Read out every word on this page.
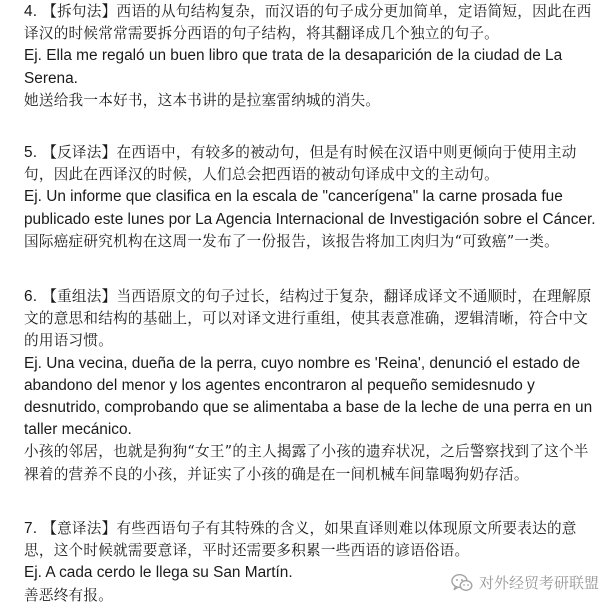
4. 【拆句法】西语的从句结构复杂，而汉语的句子成分更加简单，定语简短，因此在西译汉的时候常常需要拆分西语的句子结构，将其翻译成几个独立的句子。

Ej. Ella me regaló un buen libro que trata de la desaparición de la ciudad de La Serena.

她送给我一本好书，这本书讲的是拉塞雷纳城的消失。

5. 【反译法】在西语中，有较多的被动句，但是有时候在汉语中则更倾向于使用主动句，因此在西译汉的时候，人们总会把西语的被动句译成中文的主动句。

Ej. Un informe que clasifica en la escala de "cancerígena" la carne prosada fue publicado este lunes por La Agencia Internacional de Investigación sobre el Cáncer.

国际癌症研究机构在这周一发布了一份报告，该报告将加工肉归为“可致癌”一类。

6. 【重组法】当西语原文的句子过长，结构过于复杂，翻译成译文不通顺时，在理解原文的意思和结构的基础上，可以对译文进行重组，使其表意准确，逻辑清晰，符合中文的用语习惯。

Ej. Una vecina, dueña de la perra, cuyo nombre es 'Reina', denunció el estado de abandono del menor y los agentes encontraron al pequeño semidesnudo y desnutrido, comprobando que se alimentaba a base de la leche de una perra en un taller mecánico.

小孩的邻居，也就是狗狗“女王”的主人揭露了小孩的遗弃状况，之后警察找到了这个半裸着的营养不良的小孩，并证实了小孩的确是在一间机械车间靠喝狗奶存活。

7. 【意译法】有些西语句子有其特殊的含义，如果直译则难以体现原文所要表达的意思，这个时候就需要意译，平时还需要多积累一些西语的谚语俗语。

Ej. A cada cerdo le llega su San Martín.

善恶终有报。

对外经贸考研联盟
